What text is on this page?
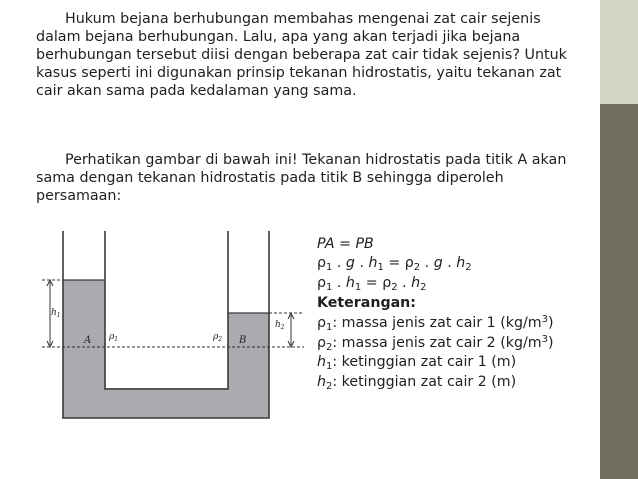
Hukum bejana berhubungan membahas mengenai zat cair sejenis dalam bejana berhubungan. Lalu, apa yang akan terjadi jika bejana berhubungan tersebut diisi dengan beberapa zat cair tidak sejenis? Untuk kasus seperti ini digunakan prinsip tekanan hidrostatis, yaitu tekanan zat cair akan sama pada kedalaman yang sama.

Perhatikan gambar di bawah ini! Tekanan hidrostatis pada titik A akan sama dengan tekanan hidrostatis pada titik B sehingga diperoleh persamaan:

$h_1$
$h_2$
A	B
$\rho_1$	$\rho_2$
PA = PB
$\rho_1$ . g . $h_1 = \rho_2$ . g . $h_2$
$\rho_1$ . $h_1 = \rho_2$ . $h_2$
Keterangan:
$\rho_1$: massa jenis zat cair 1 $(kg/m^3)$
$\rho_2$: massa jenis zat cair 2 $(kg/m^3)$
$h_1$: ketinggian zat cair 1 (m)
$h_2$: ketinggian zat cair 2 (m)
